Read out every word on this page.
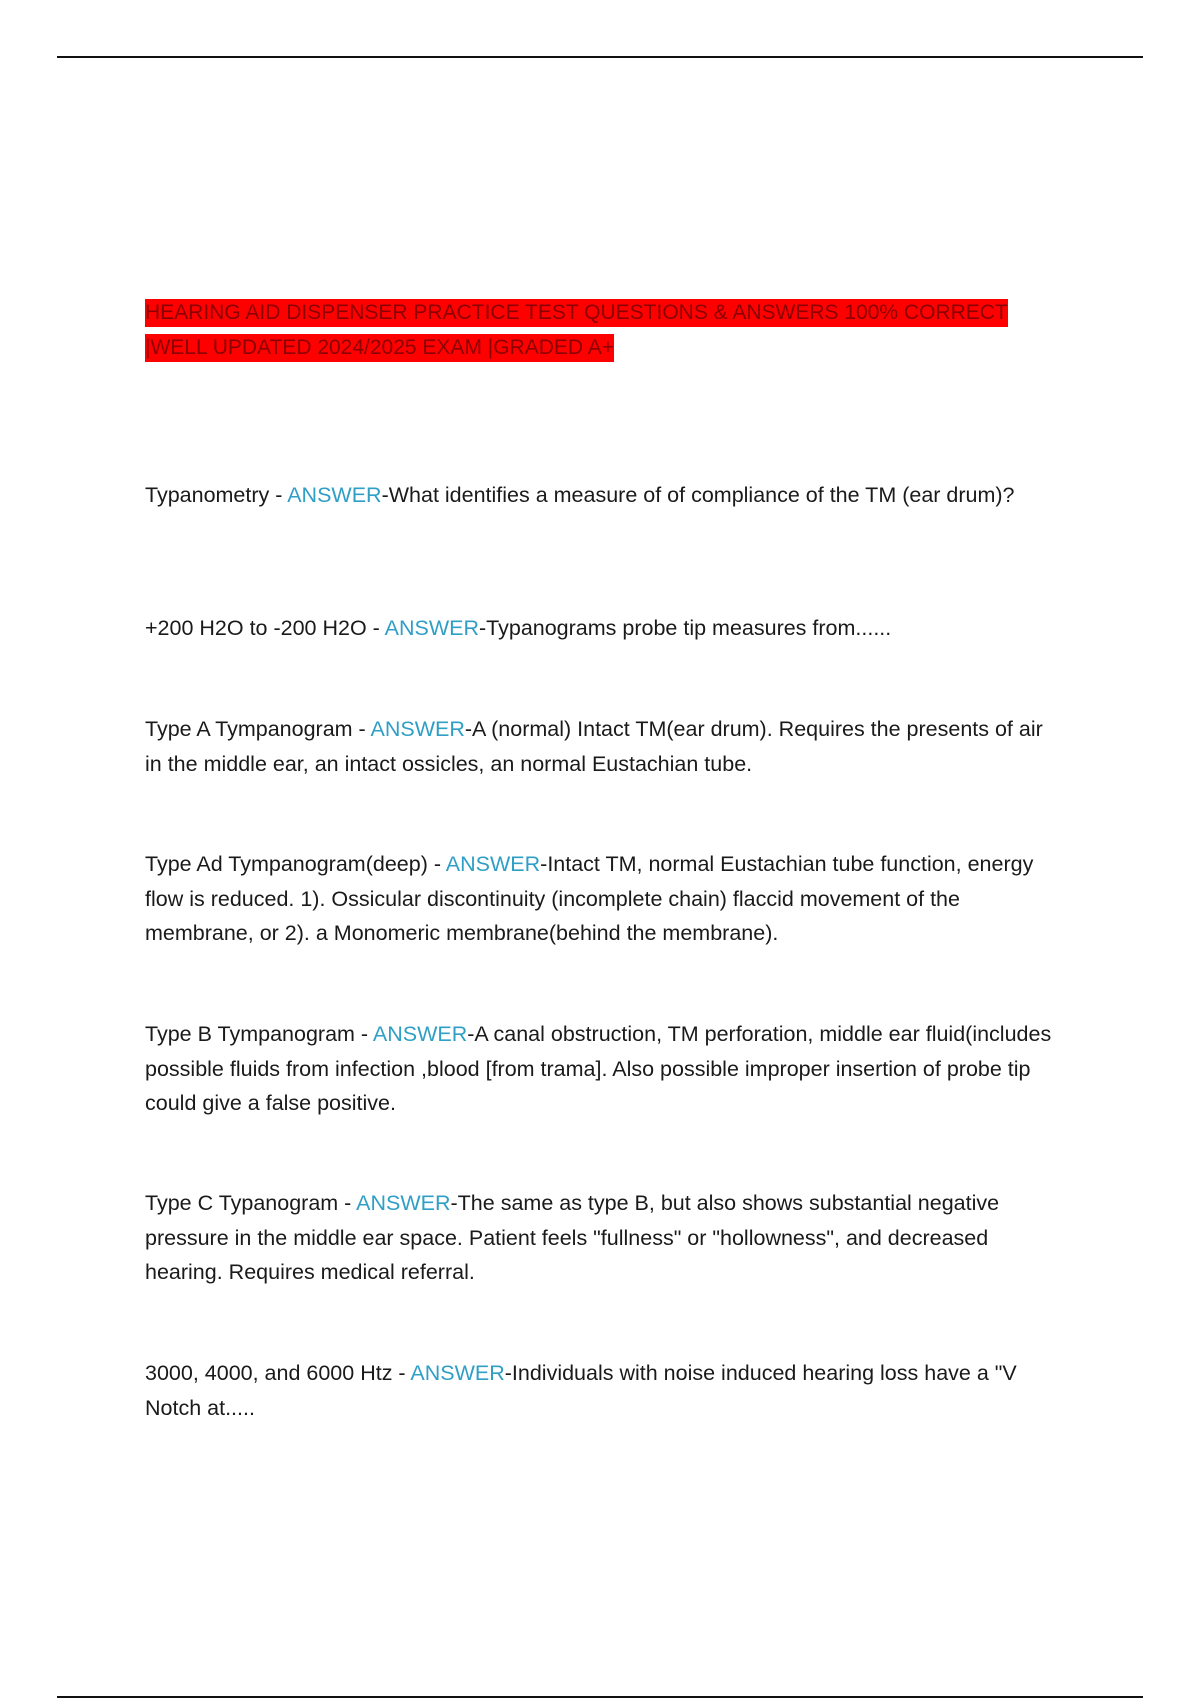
HEARING AID DISPENSER PRACTICE TEST QUESTIONS & ANSWERS 100% CORRECT
|WELL UPDATED 2024/2025 EXAM |GRADED A+
Typanometry - ANSWER-What identifies a measure of of compliance of the TM (ear drum)?
+200 H2O to -200 H2O - ANSWER-Typanograms probe tip measures from......
Type A Tympanogram - ANSWER-A (normal) Intact TM(ear drum). Requires the presents of air in the middle ear, an intact ossicles, an normal Eustachian tube.
Type Ad Tympanogram(deep) - ANSWER-Intact TM, normal Eustachian tube function, energy flow is reduced. 1). Ossicular discontinuity (incomplete chain) flaccid movement of the membrane, or 2). a Monomeric membrane(behind the membrane).
Type B Tympanogram - ANSWER-A canal obstruction, TM perforation, middle ear fluid(includes possible fluids from infection ,blood [from trama]. Also possible improper insertion of probe tip could give a false positive.
Type C Typanogram - ANSWER-The same as type B, but also shows substantial negative pressure in the middle ear space. Patient feels "fullness" or "hollowness", and decreased hearing. Requires medical referral.
3000, 4000, and 6000 Htz - ANSWER-Individuals with noise induced hearing loss have a "V Notch at.....
